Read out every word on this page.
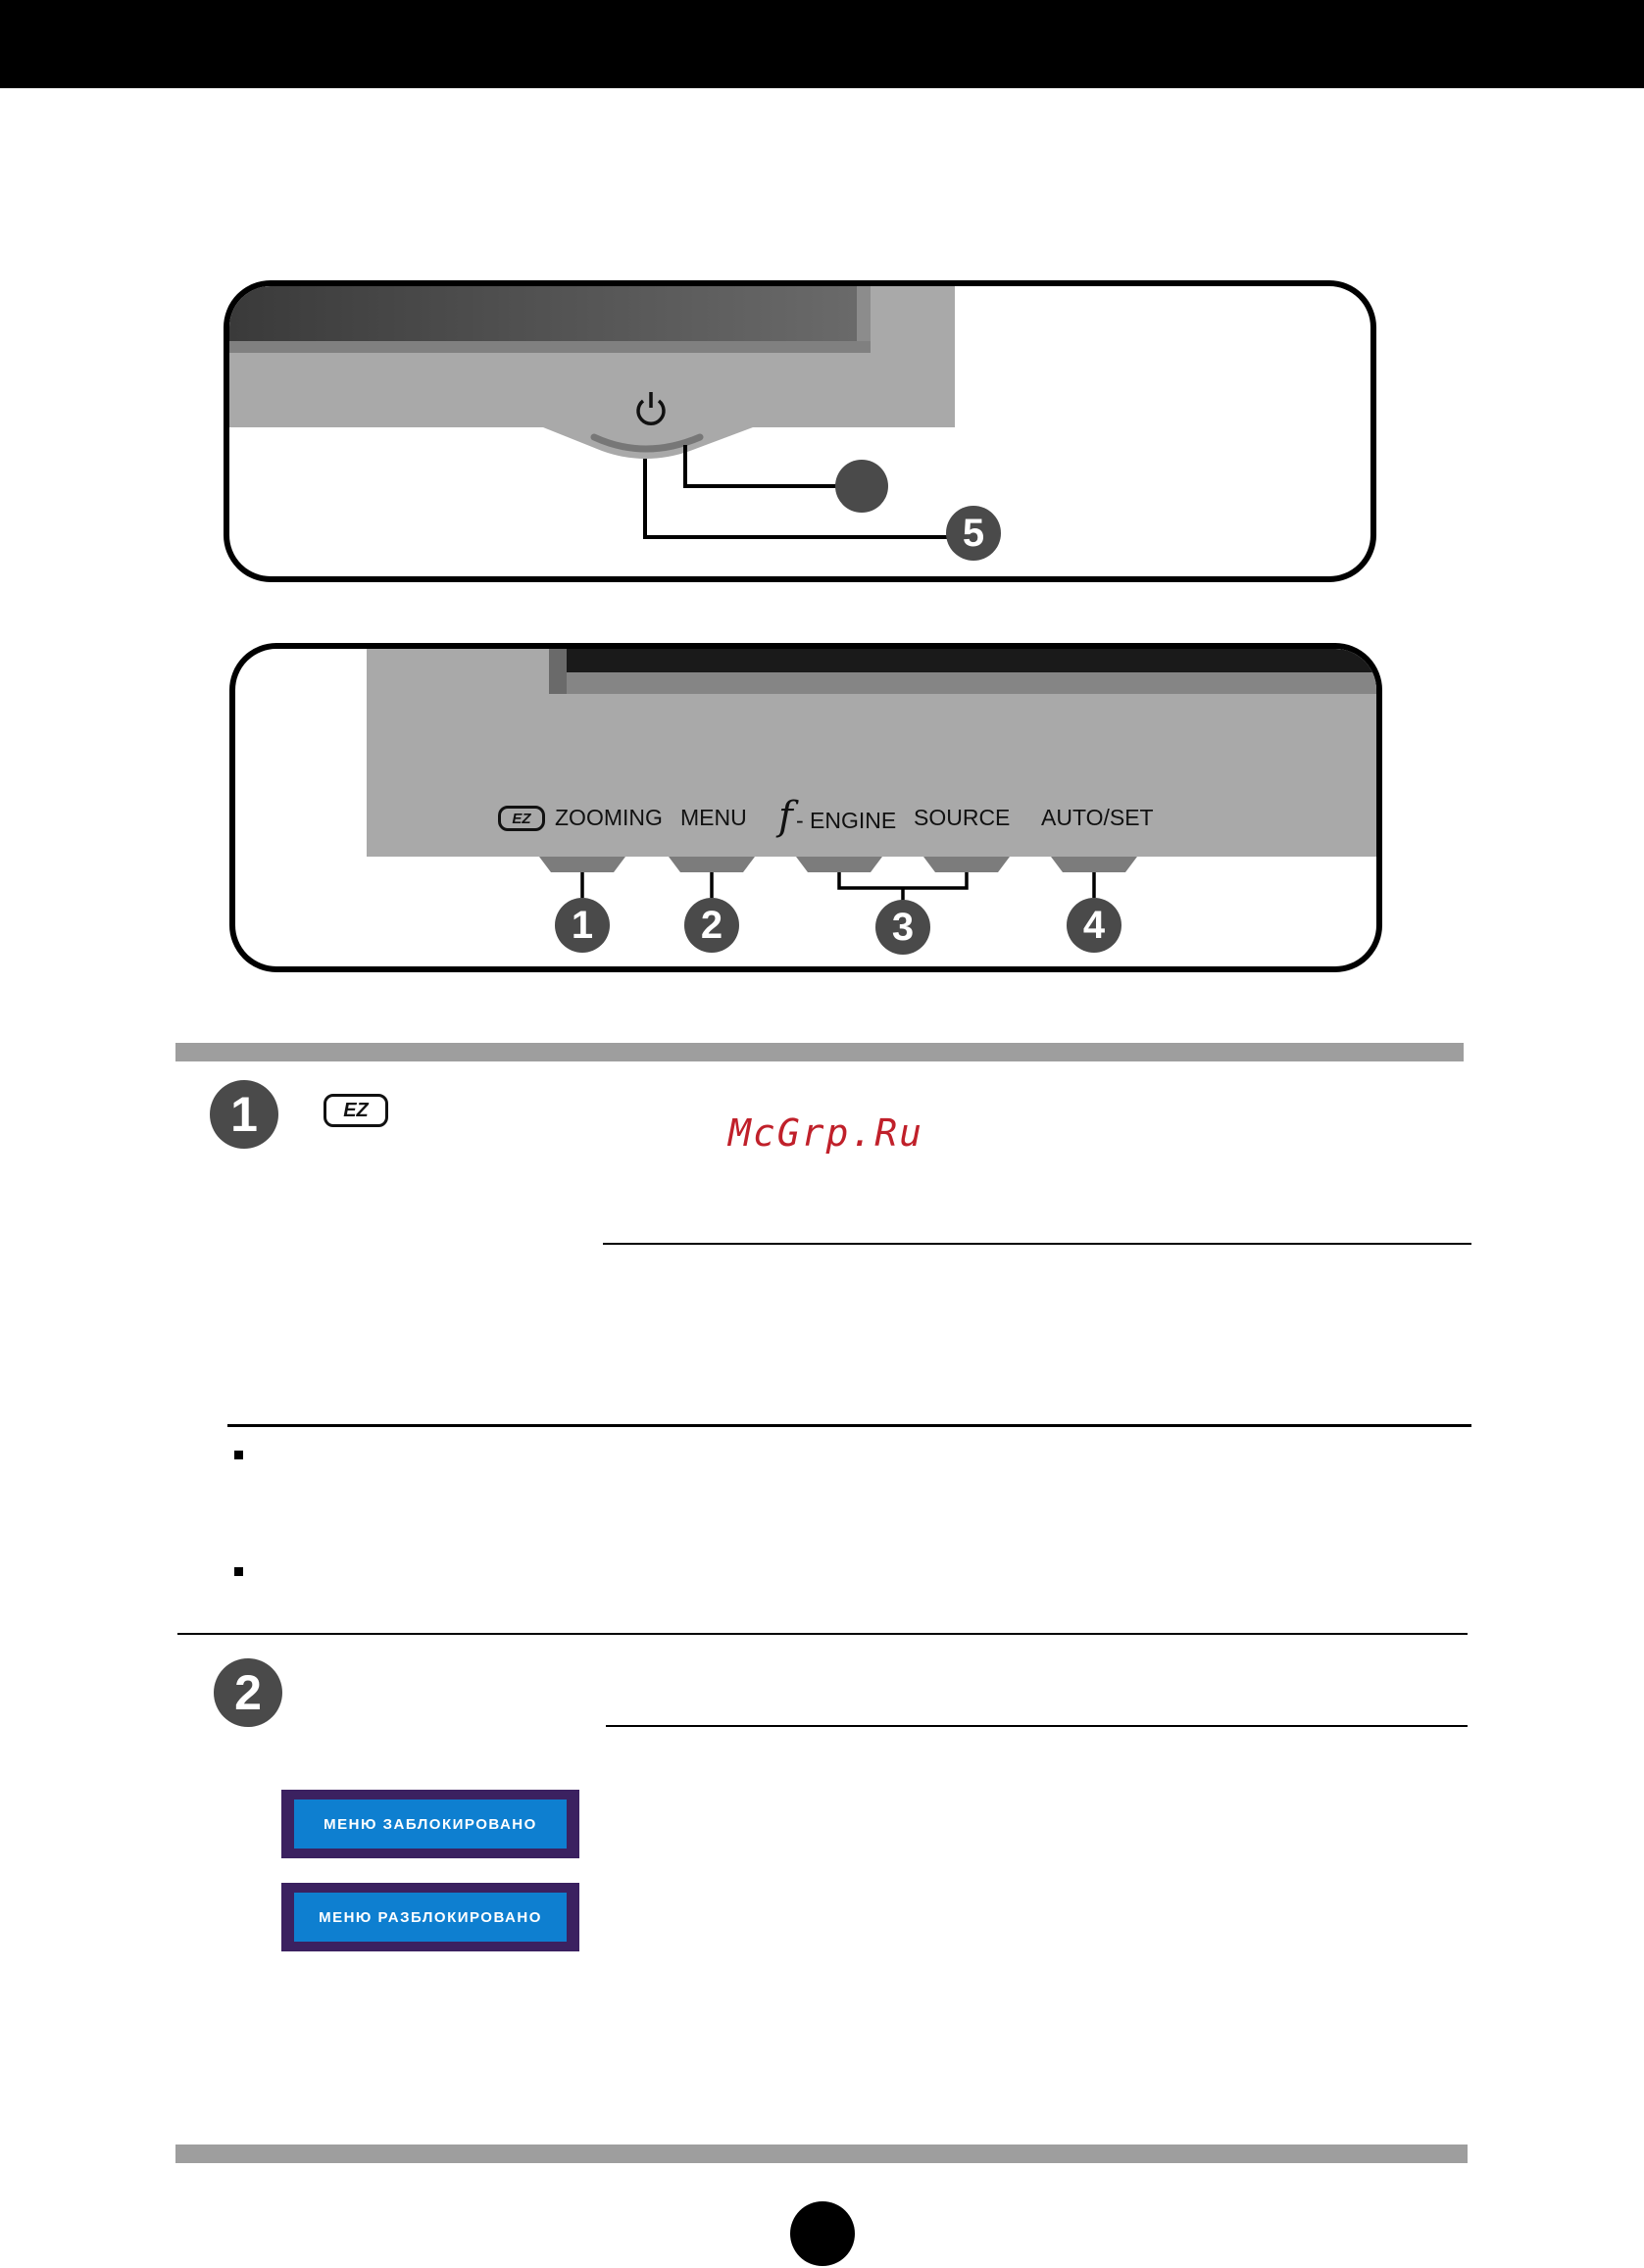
5
EZ ZOOMING MENU f - ENGINE SOURCE AUTO/SET
1	2	3	4
1	EZ
McGrp.Ru
2
МЕНЮ ЗАБЛОКИРОВАНО
МЕНЮ РАЗБЛОКИРОВАНО
